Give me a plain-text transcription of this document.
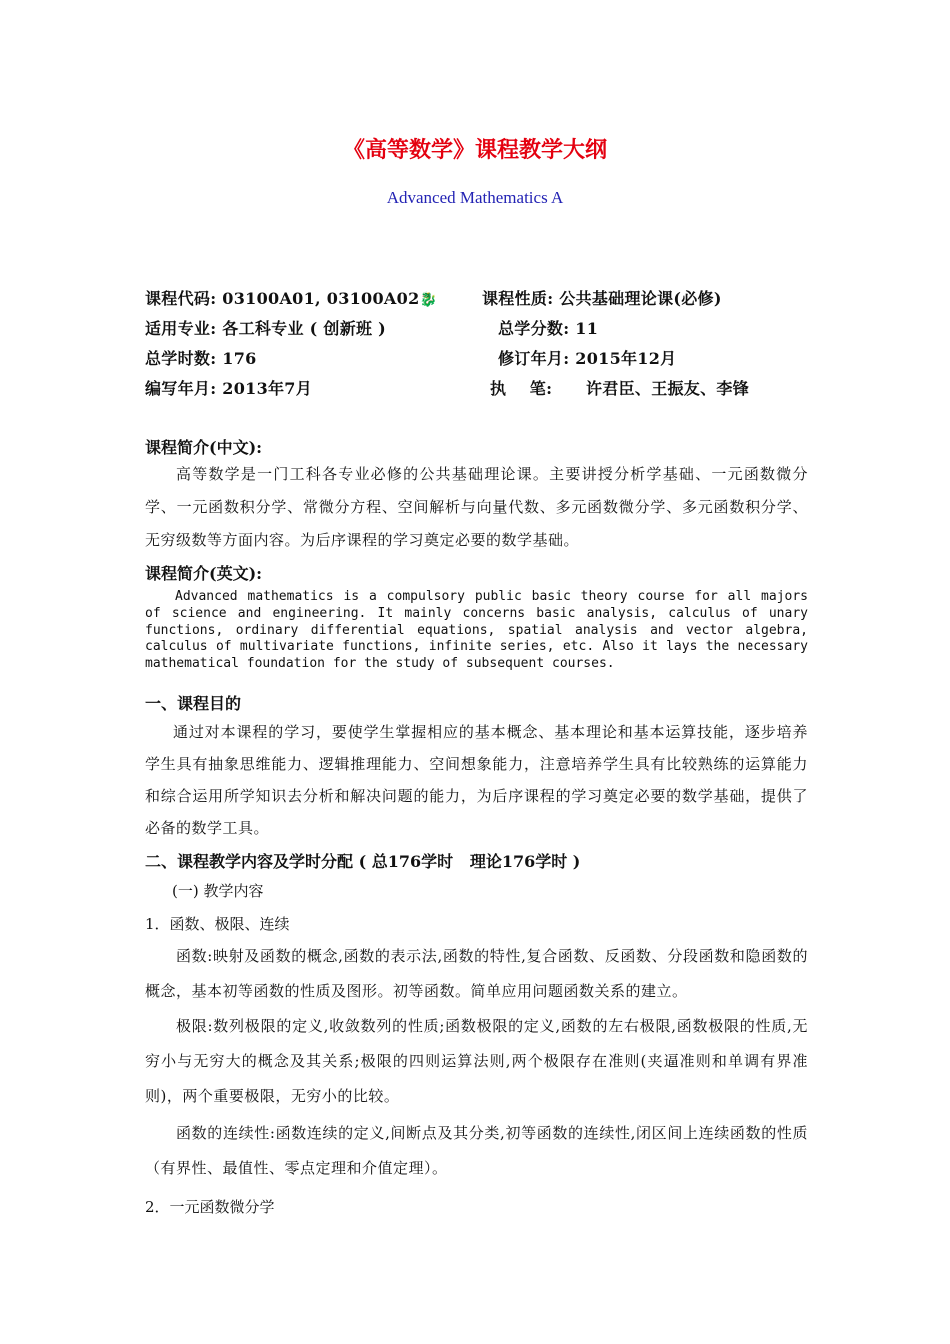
《高等数学》课程教学大纲
Advanced Mathematics A
课程代码: 03100A01, 03100A02🐉	课程性质: 公共基础理论课(必修)
适用专业: 各工科专业 ( 创新班 )	总学分数: 11
总学时数: 176	修订年月: 2015年12月
编写年月: 2013年7月	执    笔: 许君臣、王振友、李锋
课程简介(中文):
高等数学是一门工科各专业必修的公共基础理论课。主要讲授分析学基础、一元函数微分学、一元函数积分学、常微分方程、空间解析与向量代数、多元函数微分学、多元函数积分学、无穷级数等方面内容。为后序课程的学习奠定必要的数学基础。
课程简介(英文):
Advanced mathematics is a compulsory public basic theory course for all majors of science and engineering. It mainly concerns basic analysis, calculus of unary functions, ordinary differential equations, spatial analysis and vector algebra, calculus of multivariate functions, infinite series, etc. Also it lays the necessary mathematical foundation for the study of subsequent courses.
一、课程目的
通过对本课程的学习，要使学生掌握相应的基本概念、基本理论和基本运算技能，逐步培养学生具有抽象思维能力、逻辑推理能力、空间想象能力，注意培养学生具有比较熟练的运算能力和综合运用所学知识去分析和解决问题的能力，为后序课程的学习奠定必要的数学基础，提供了必备的数学工具。
二、课程教学内容及学时分配 ( 总176学时   理论176学时 )
(一) 教学内容
1．函数、极限、连续
函数:映射及函数的概念,函数的表示法,函数的特性,复合函数、反函数、分段函数和隐函数的概念，基本初等函数的性质及图形。初等函数。简单应用问题函数关系的建立。
极限:数列极限的定义,收敛数列的性质;函数极限的定义,函数的左右极限,函数极限的性质,无穷小与无穷大的概念及其关系;极限的四则运算法则,两个极限存在准则(夹逼准则和单调有界准则)，两个重要极限，无穷小的比较。
函数的连续性:函数连续的定义,间断点及其分类,初等函数的连续性,闭区间上连续函数的性质（有界性、最值性、零点定理和介值定理）。
2．一元函数微分学
